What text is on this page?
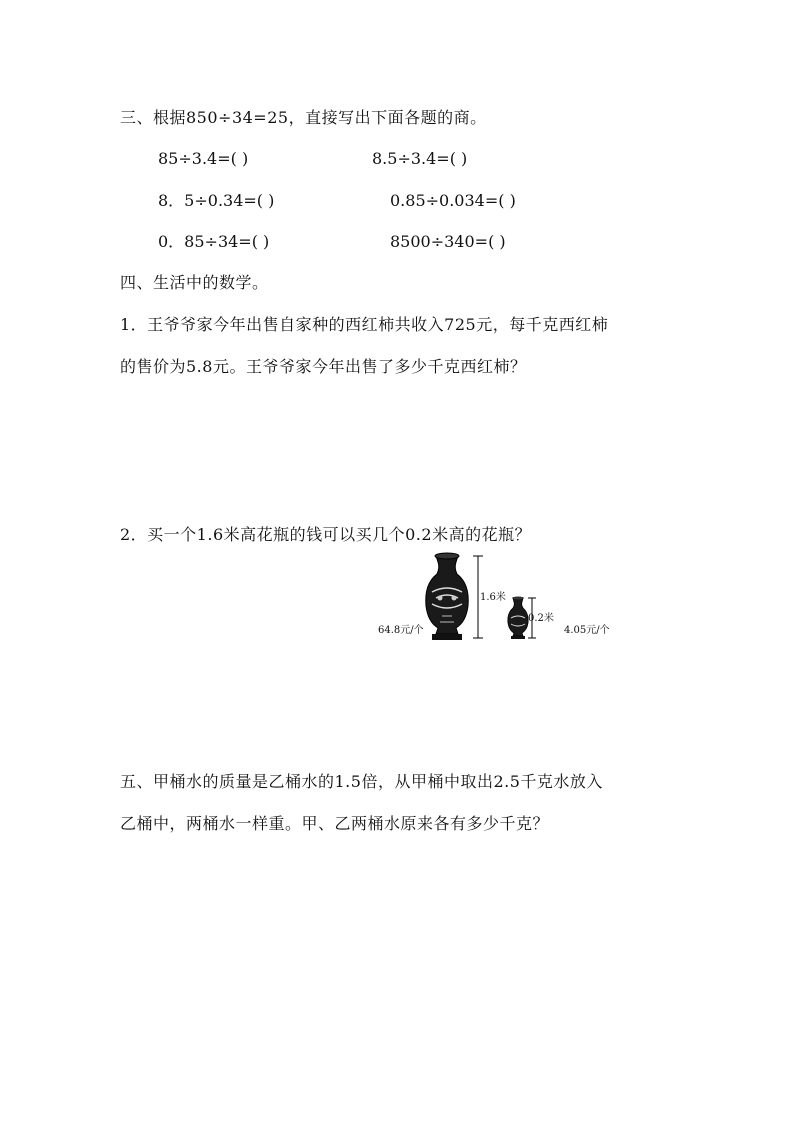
三、根据850÷34=25，直接写出下面各题的商。
85÷3.4=( )	8.5÷3.4=( )
8．5÷0.34=( )	0.85÷0.034=( )
0．85÷34=( )	8500÷340=( )
四、生活中的数学。
1．王爷爷家今年出售自家种的西红柿共收入725元，每千克西红柿
的售价为5.8元。王爷爷家今年出售了多少千克西红柿？
2．买一个1.6米高花瓶的钱可以买几个0.2米高的花瓶？
1.6米
0.2米
64.8元/个	4.05元/个
五、甲桶水的质量是乙桶水的1.5倍，从甲桶中取出2.5千克水放入
乙桶中，两桶水一样重。甲、乙两桶水原来各有多少千克？
